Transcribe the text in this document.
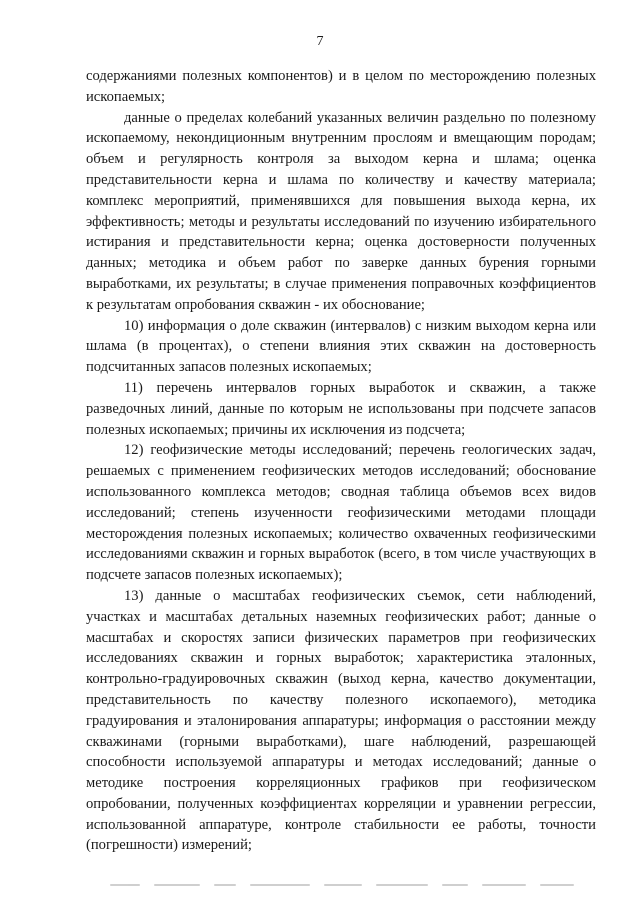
7

содержаниями полезных компонентов) и в целом по месторождению полезных ископаемых;

данные о пределах колебаний указанных величин раздельно по полезному ископаемому, некондиционным внутренним прослоям и вмещающим породам; объем и регулярность контроля за выходом керна и шлама; оценка представительности керна и шлама по количеству и качеству материала; комплекс мероприятий, применявшихся для повышения выхода керна, их эффективность; методы и результаты исследований по изучению избирательного истирания и представительности керна; оценка достоверности полученных данных; методика и объем работ по заверке данных бурения горными выработками, их результаты; в случае применения поправочных коэффициентов к результатам опробования скважин - их обоснование;

10) информация о доле скважин (интервалов) с низким выходом керна или шлама (в процентах), о степени влияния этих скважин на достоверность подсчитанных запасов полезных ископаемых;

11) перечень интервалов горных выработок и скважин, а также разведочных линий, данные по которым не использованы при подсчете запасов полезных ископаемых; причины их исключения из подсчета;

12) геофизические методы исследований; перечень геологических задач, решаемых с применением геофизических методов исследований; обоснование использованного комплекса методов; сводная таблица объемов всех видов исследований; степень изученности геофизическими методами площади месторождения полезных ископаемых; количество охваченных геофизическими исследованиями скважин и горных выработок (всего, в том числе участвующих в подсчете запасов полезных ископаемых);

13) данные о масштабах геофизических съемок, сети наблюдений, участках и масштабах детальных наземных геофизических работ; данные о масштабах и скоростях записи физических параметров при геофизических исследованиях скважин и горных выработок; характеристика эталонных, контрольно-градуировочных скважин (выход керна, качество документации, представительность по качеству полезного ископаемого), методика градуирования и эталонирования аппаратуры; информация о расстоянии между скважинами (горными выработками), шаге наблюдений, разрешающей способности используемой аппаратуры и методах исследований; данные о методике построения корреляционных графиков при геофизическом опробовании, полученных коэффициентах корреляции и уравнении регрессии, использованной аппаратуре, контроле стабильности ее работы, точности (погрешности) измерений;
